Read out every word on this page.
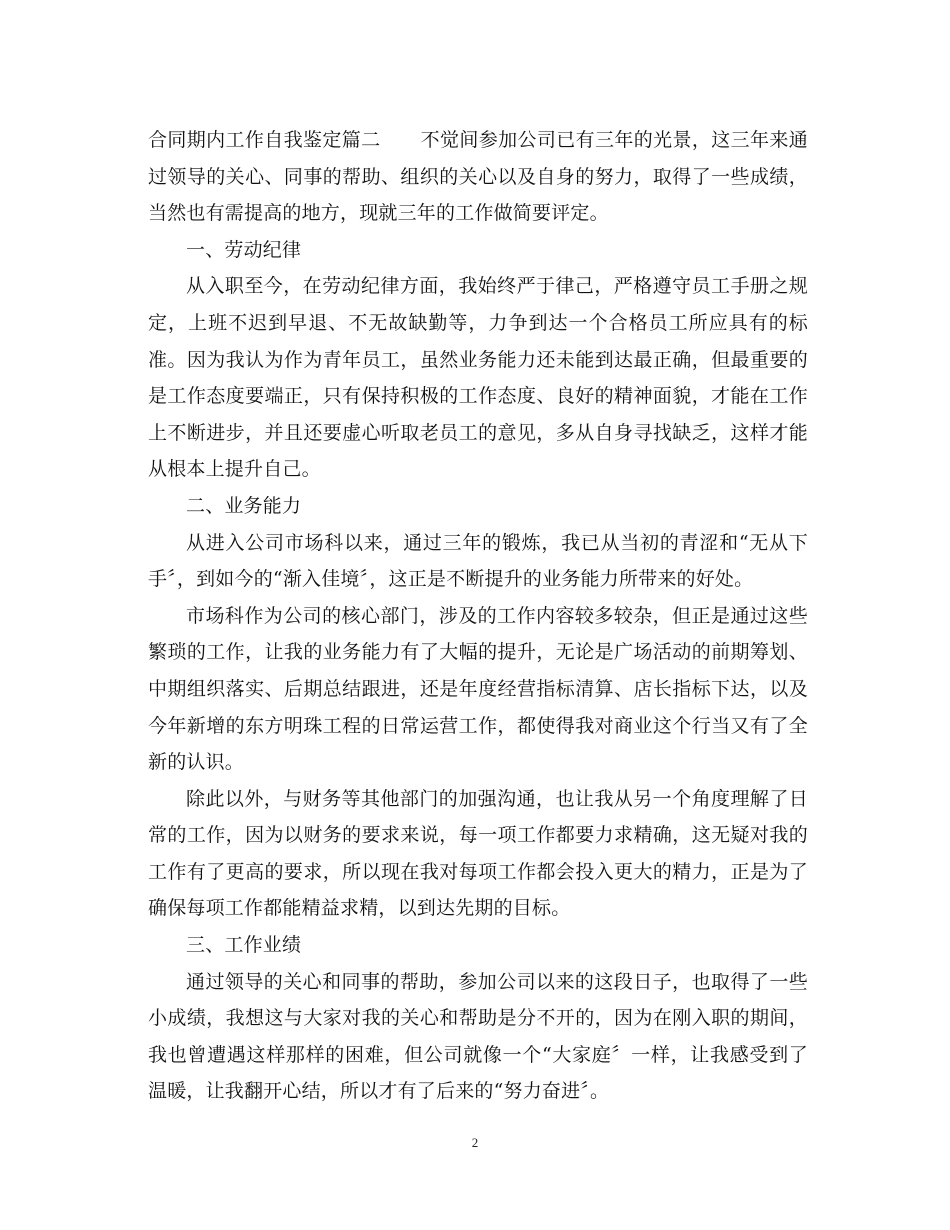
合同期内工作自我鉴定篇二 不觉间参加公司已有三年的光景，这三年来通过领导的关心、同事的帮助、组织的关心以及自身的努力，取得了一些成绩，当然也有需提高的地方，现就三年的工作做简要评定。

一、劳动纪律

从入职至今，在劳动纪律方面，我始终严于律己，严格遵守员工手册之规定，上班不迟到早退、不无故缺勤等，力争到达一个合格员工所应具有的标准。因为我认为作为青年员工，虽然业务能力还未能到达最正确，但最重要的是工作态度要端正，只有保持积极的工作态度、良好的精神面貌，才能在工作上不断进步，并且还要虚心听取老员工的意见，多从自身寻找缺乏，这样才能从根本上提升自己。

二、业务能力

从进入公司市场科以来，通过三年的锻炼，我已从当初的青涩和“无从下手〞，到如今的“渐入佳境〞，这正是不断提升的业务能力所带来的好处。

市场科作为公司的核心部门，涉及的工作内容较多较杂，但正是通过这些繁琐的工作，让我的业务能力有了大幅的提升，无论是广场活动的前期筹划、中期组织落实、后期总结跟进，还是年度经营指标清算、店长指标下达，以及今年新增的东方明珠工程的日常运营工作，都使得我对商业这个行当又有了全新的认识。

除此以外，与财务等其他部门的加强沟通，也让我从另一个角度理解了日常的工作，因为以财务的要求来说，每一项工作都要力求精确，这无疑对我的工作有了更高的要求，所以现在我对每项工作都会投入更大的精力，正是为了确保每项工作都能精益求精，以到达先期的目标。

三、工作业绩

通过领导的关心和同事的帮助，参加公司以来的这段日子，也取得了一些小成绩，我想这与大家对我的关心和帮助是分不开的，因为在刚入职的期间，我也曾遭遇这样那样的困难，但公司就像一个“大家庭〞一样，让我感受到了温暖，让我翻开心结，所以才有了后来的“努力奋进〞。

2
